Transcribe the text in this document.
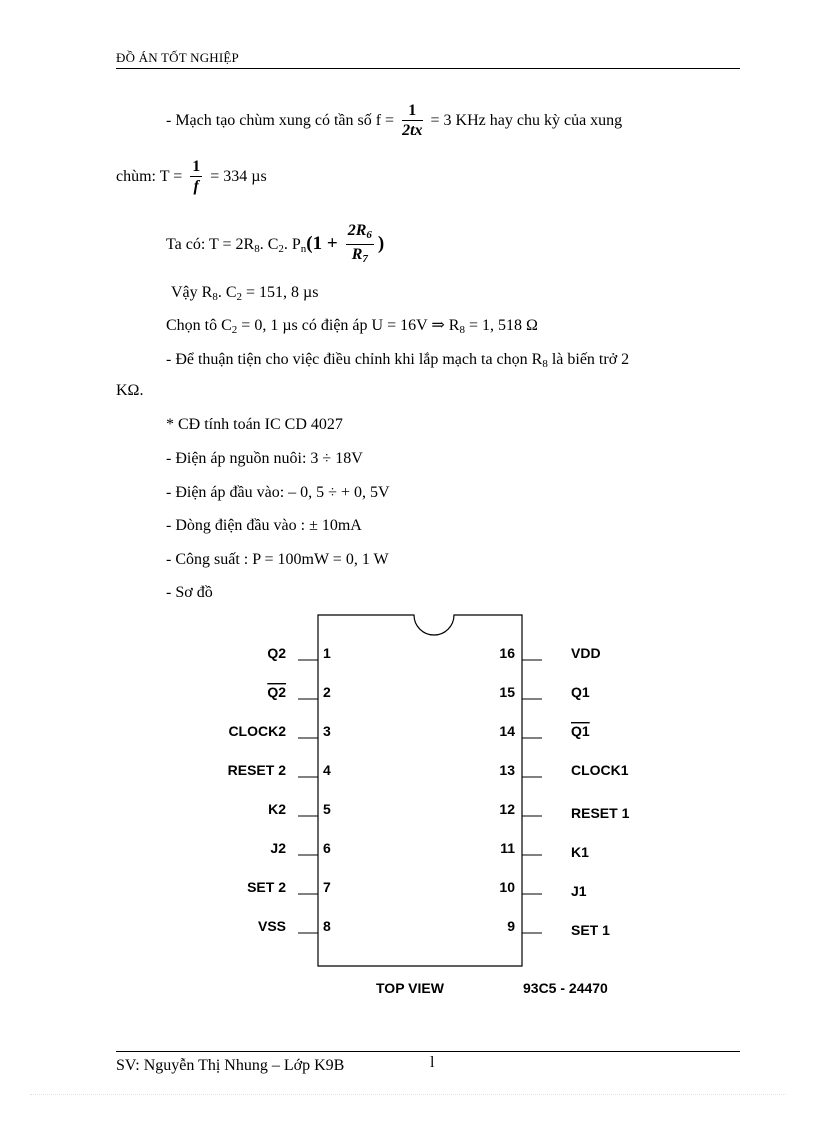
ĐỒ ÁN TỐT NGHIỆP
- Mạch tạo chùm xung có tần số $f = \frac{1}{2tx} = 3$ KHz hay chu kỳ của xung
chùm: $T = \frac{1}{f} = 334$ µs
Ta có: $T = 2R_8$. $C_2$. $P_n(1 + \frac{2R_6}{R_7}$ )
Vậy $R_8$. $C_2 = 151$, 8 µs
Chọn tô $C_2 = 0$, 1 µs có điện áp U = 16V ⇒ $R_8 = 1$, 518 Ω
- Để thuận tiện cho việc điều chỉnh khi lắp mạch ta chọn $R_8$ là biến trở 2
KΩ.
* CĐ tính toán IC CD 4027
- Điện áp nguồn nuôi: 3 ÷ 18V
- Điện áp đầu vào: – 0, 5 ÷ + 0, 5V
- Dòng điện đầu vào : ± 10mA
- Công suất : P = 100mW = 0, 1 W
- Sơ đồ
Q2	1
Q2	2
CLOCK2	3
RESET 2	4
K2	5
J2	6
SET 2	7
VSS	8
16	VDD
15	Q1
14	Q1
13	CLOCK1
12	RESET 1
11	K1
10	J1
9	SET 1
TOP VIEW	93C5 - 24470
SV: Nguyễn Thị Nhung – Lớp K9B	l
